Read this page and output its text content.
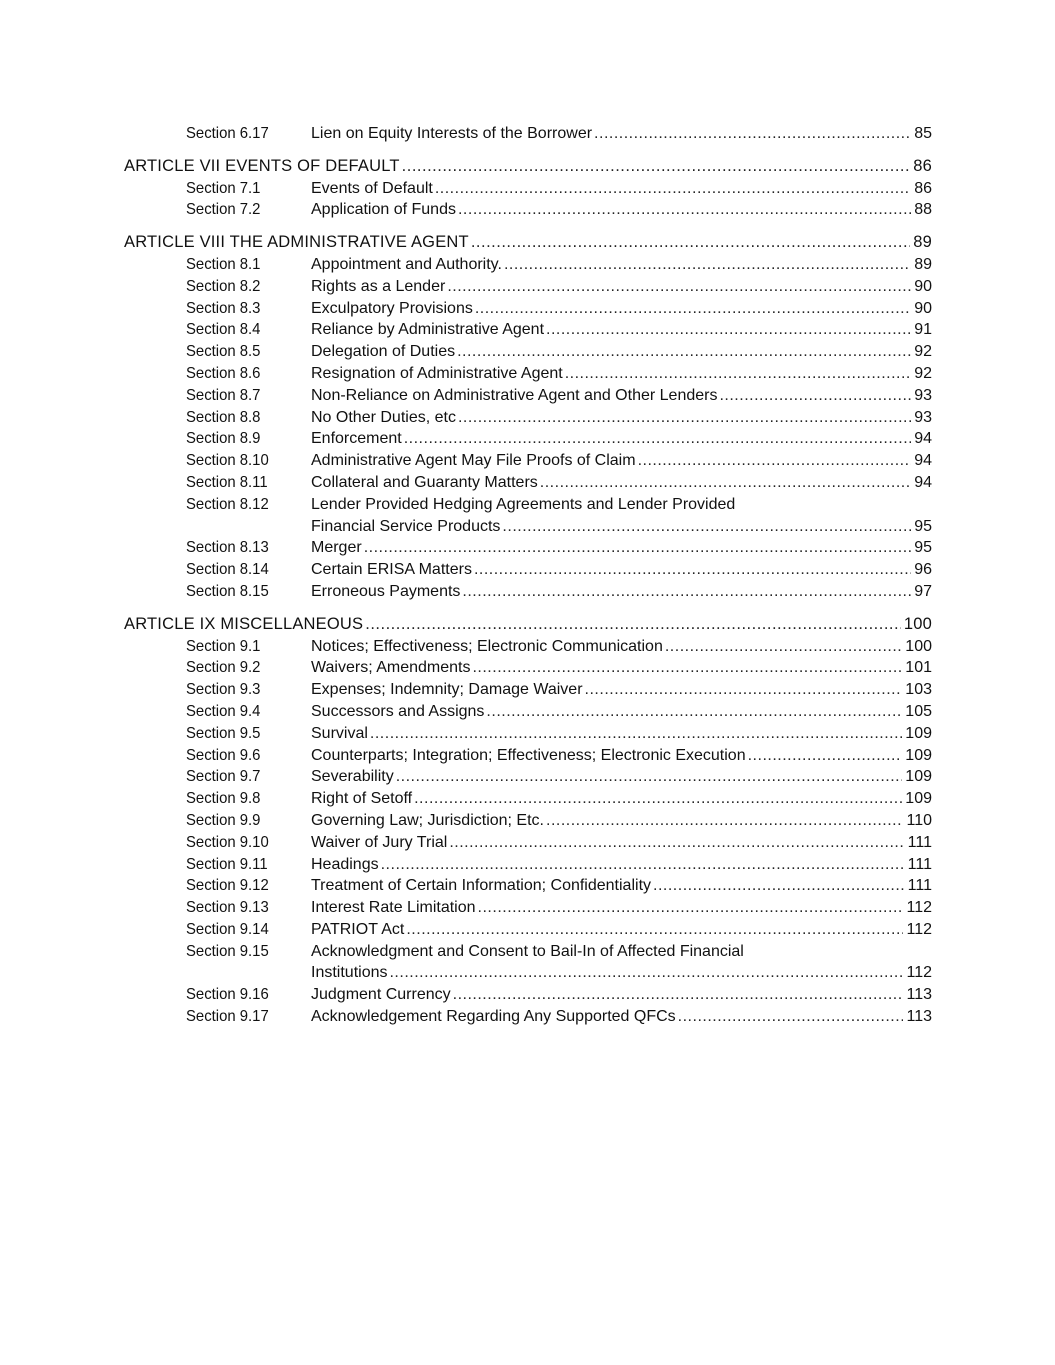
Section 6.17	Lien on Equity Interests of the Borrower .....	85
ARTICLE VII EVENTS OF DEFAULT .....	86
Section 7.1	Events of Default .....	86
Section 7.2	Application of Funds .....	88
ARTICLE VIII THE ADMINISTRATIVE AGENT .....	89
Section 8.1	Appointment and Authority. .....	89
Section 8.2	Rights as a Lender .....	90
Section 8.3	Exculpatory Provisions .....	90
Section 8.4	Reliance by Administrative Agent .....	91
Section 8.5	Delegation of Duties .....	92
Section 8.6	Resignation of Administrative Agent .....	92
Section 8.7	Non-Reliance on Administrative Agent and Other Lenders .....	93
Section 8.8	No Other Duties, etc .....	93
Section 8.9	Enforcement .....	94
Section 8.10	Administrative Agent May File Proofs of Claim .....	94
Section 8.11	Collateral and Guaranty Matters .....	94
Section 8.12	Lender Provided Hedging Agreements and Lender Provided
Financial Service Products .....	95
Section 8.13	Merger .....	95
Section 8.14	Certain ERISA Matters .....	96
Section 8.15	Erroneous Payments .....	97
ARTICLE IX MISCELLANEOUS .....	100
Section 9.1	Notices; Effectiveness; Electronic Communication .....	100
Section 9.2	Waivers; Amendments .....	101
Section 9.3	Expenses; Indemnity; Damage Waiver .....	103
Section 9.4	Successors and Assigns .....	105
Section 9.5	Survival .....	109
Section 9.6	Counterparts; Integration; Effectiveness; Electronic Execution .....	109
Section 9.7	Severability .....	109
Section 9.8	Right of Setoff .....	109
Section 9.9	Governing Law; Jurisdiction; Etc. .....	110
Section 9.10	Waiver of Jury Trial .....	111
Section 9.11	Headings .....	111
Section 9.12	Treatment of Certain Information; Confidentiality .....	111
Section 9.13	Interest Rate Limitation .....	112
Section 9.14	PATRIOT Act .....	112
Section 9.15	Acknowledgment and Consent to Bail-In of Affected Financial
Institutions .....	112
Section 9.16	Judgment Currency .....	113
Section 9.17	Acknowledgement Regarding Any Supported QFCs .....	113
